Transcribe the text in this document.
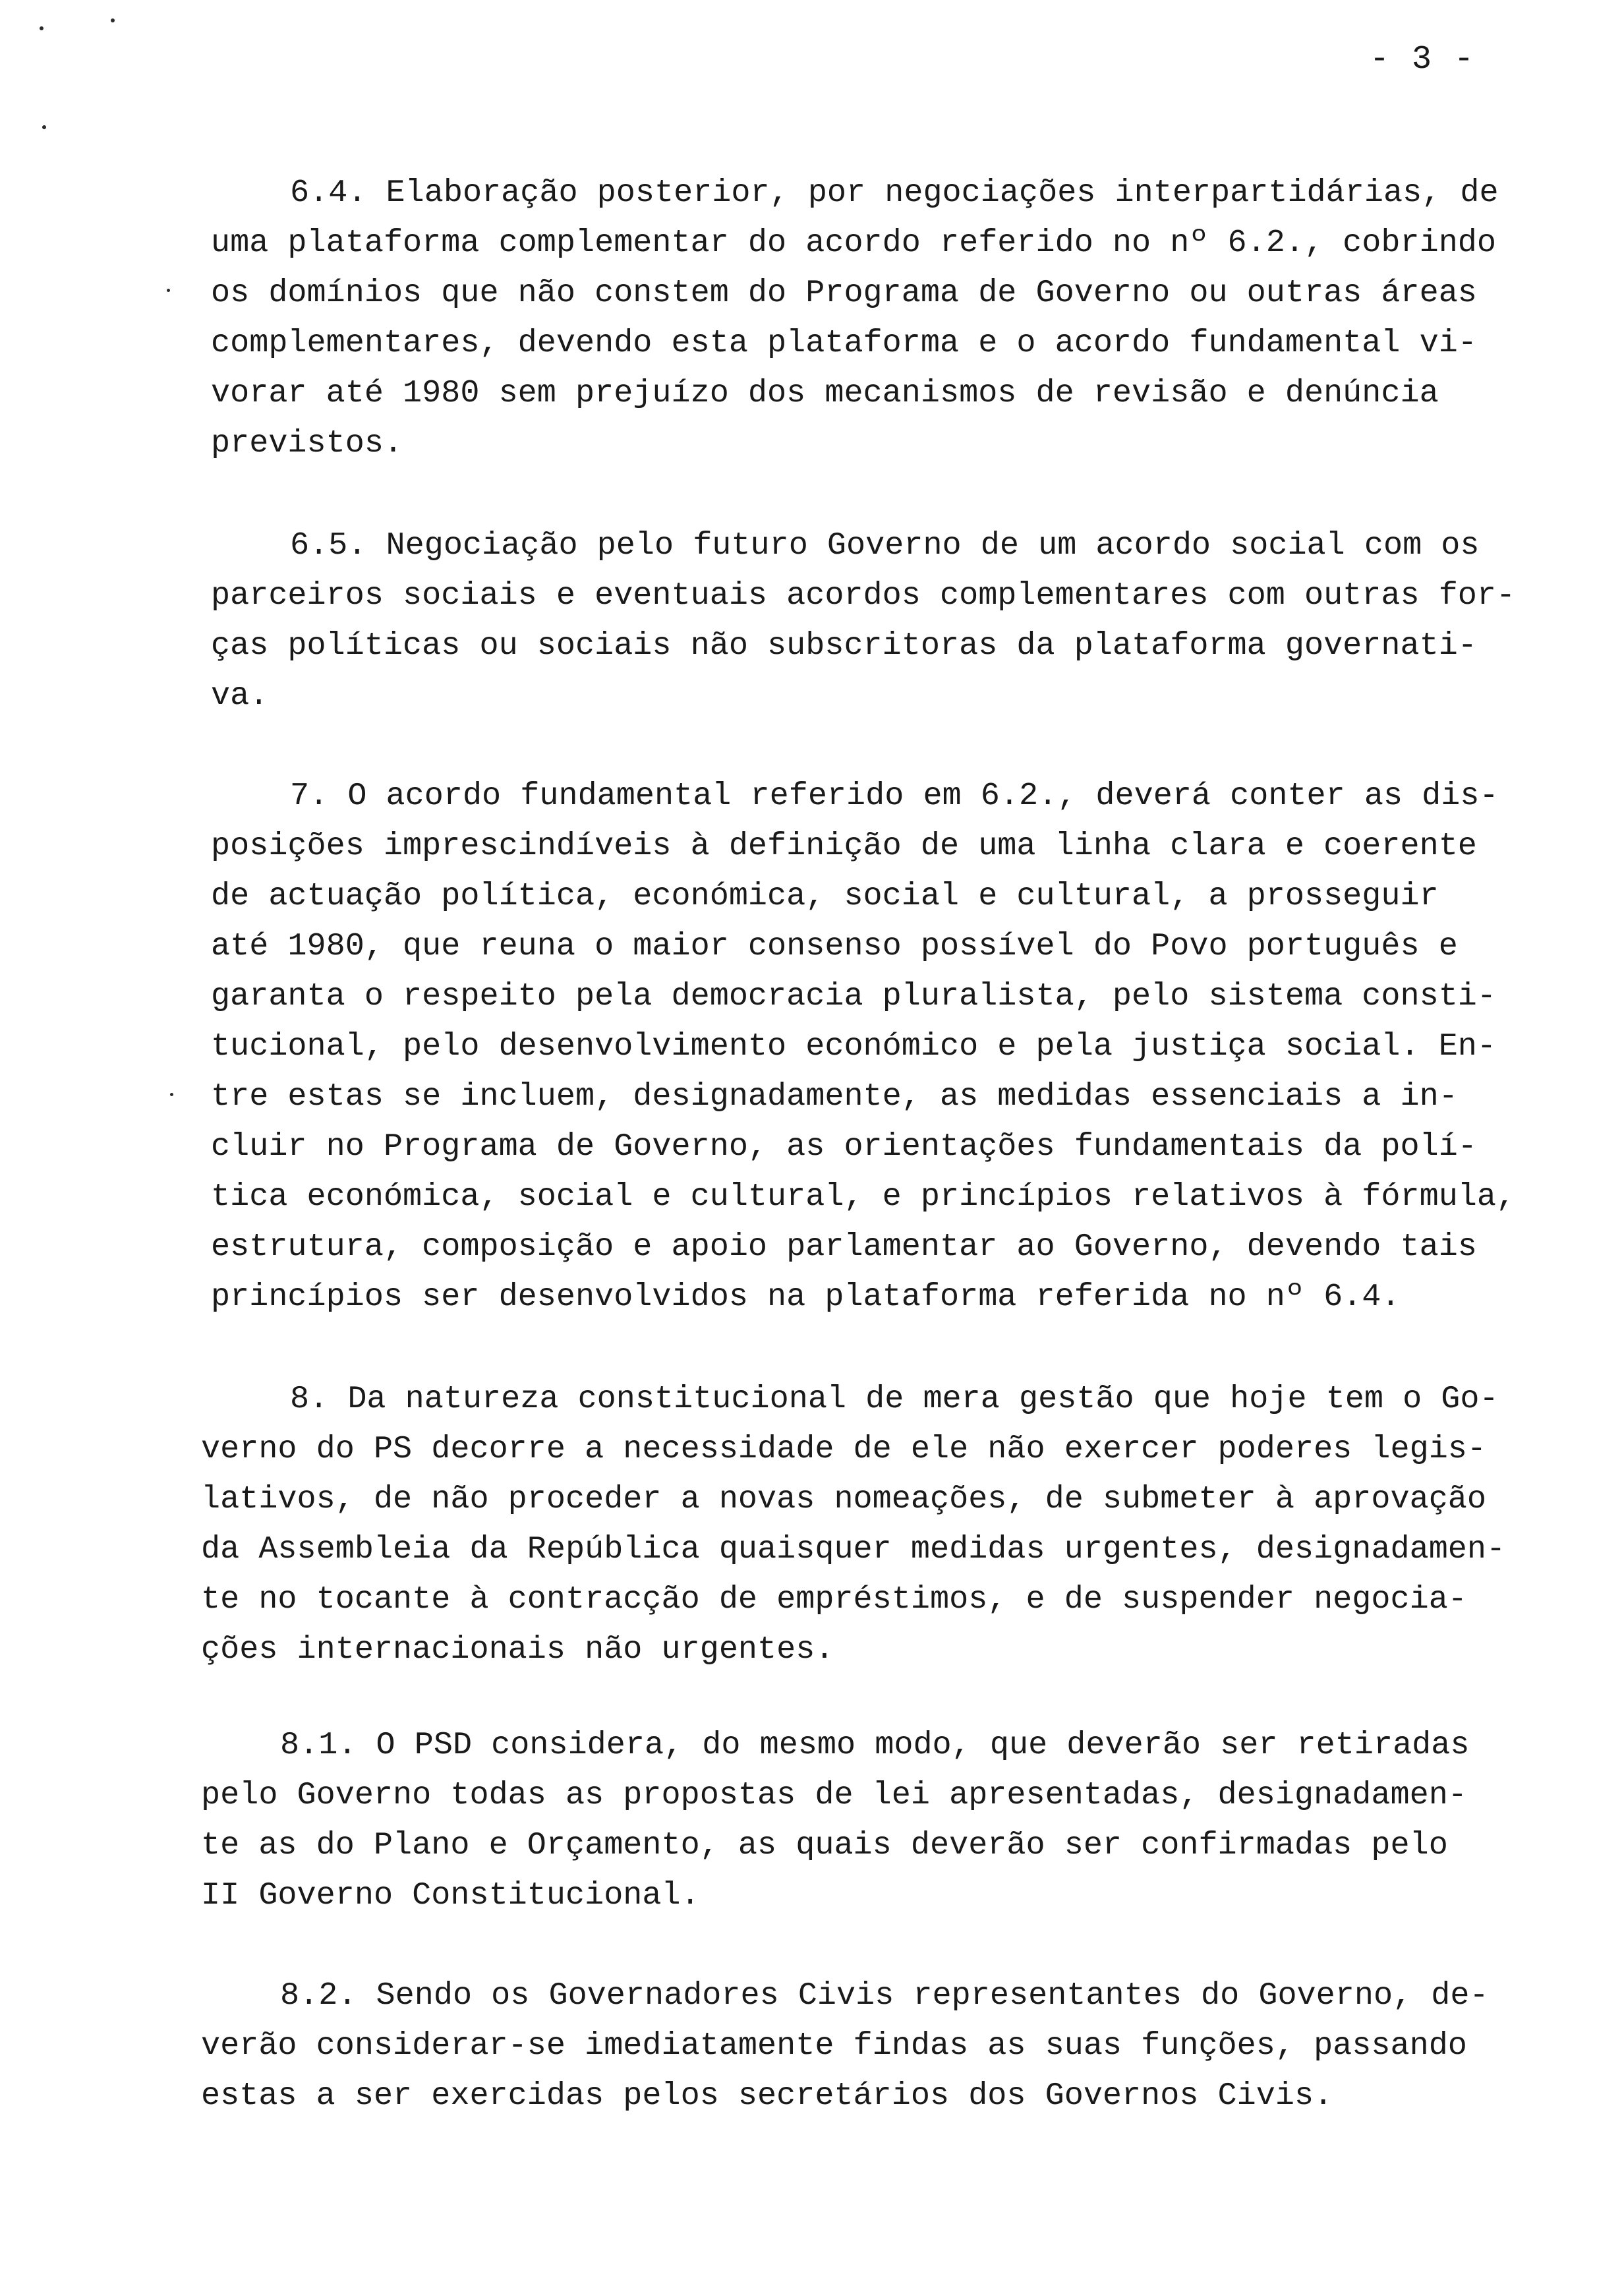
- 3 -
6.4. Elaboração posterior, por negociações interpartidárias, de
uma plataforma complementar do acordo referido no nº 6.2., cobrindo
os domínios que não constem do Programa de Governo ou outras áreas
complementares, devendo esta plataforma e o acordo fundamental vi-
vorar até 1980 sem prejuízo dos mecanismos de revisão e denúncia
previstos.
6.5. Negociação pelo futuro Governo de um acordo social com os
parceiros sociais e eventuais acordos complementares com outras for-
ças políticas ou sociais não subscritoras da plataforma governati-
va.
7. O acordo fundamental referido em 6.2., deverá conter as dis-
posições imprescindíveis à definição de uma linha clara e coerente
de actuação política, económica, social e cultural, a prosseguir
até 1980, que reuna o maior consenso possível do Povo português e
garanta o respeito pela democracia pluralista, pelo sistema consti-
tucional, pelo desenvolvimento económico e pela justiça social. En-
tre estas se incluem, designadamente, as medidas essenciais a in-
cluir no Programa de Governo, as orientações fundamentais da polí-
tica económica, social e cultural, e princípios relativos à fórmula,
estrutura, composição e apoio parlamentar ao Governo, devendo tais
princípios ser desenvolvidos na plataforma referida no nº 6.4.
8. Da natureza constitucional de mera gestão que hoje tem o Go-
verno do PS decorre a necessidade de ele não exercer poderes legis-
lativos, de não proceder a novas nomeações, de submeter à aprovação
da Assembleia da República quaisquer medidas urgentes, designadamen-
te no tocante à contracção de empréstimos, e de suspender negocia-
ções internacionais não urgentes.
8.1. O PSD considera, do mesmo modo, que deverão ser retiradas
pelo Governo todas as propostas de lei apresentadas, designadamen-
te as do Plano e Orçamento, as quais deverão ser confirmadas pelo
II Governo Constitucional.
8.2. Sendo os Governadores Civis representantes do Governo, de-
verão considerar-se imediatamente findas as suas funções, passando
estas a ser exercidas pelos secretários dos Governos Civis.
